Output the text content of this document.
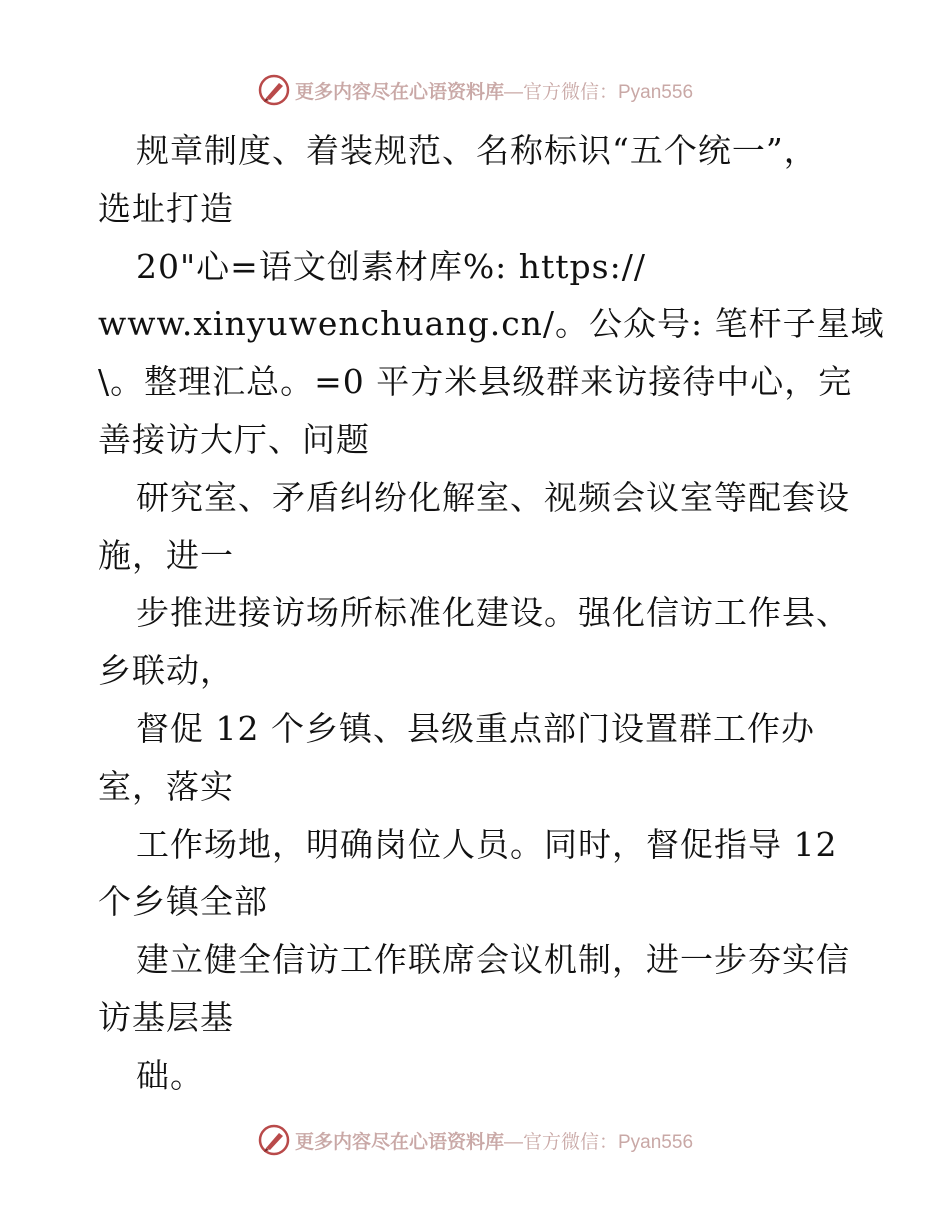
更多内容尽在心语资料库 —官方微信：Pyan556
规章制度、着装规范、名称标识“五个统一”，
选址打造
20"心=语文创素材库%: https://
www.xinyuwenchuang.cn/。公众号: 笔杆子星域
\。整理汇总。=0 平方米县级群来访接待中心，完
善接访大厅、问题
研究室、矛盾纠纷化解室、视频会议室等配套设
施，进一
步推进接访场所标准化建设。强化信访工作县、
乡联动，
督促 12 个乡镇、县级重点部门设置群工作办
室，落实
工作场地，明确岗位人员。同时，督促指导 12
个乡镇全部
建立健全信访工作联席会议机制，进一步夯实信
访基层基
础。
更多内容尽在心语资料库 —官方微信：Pyan556
